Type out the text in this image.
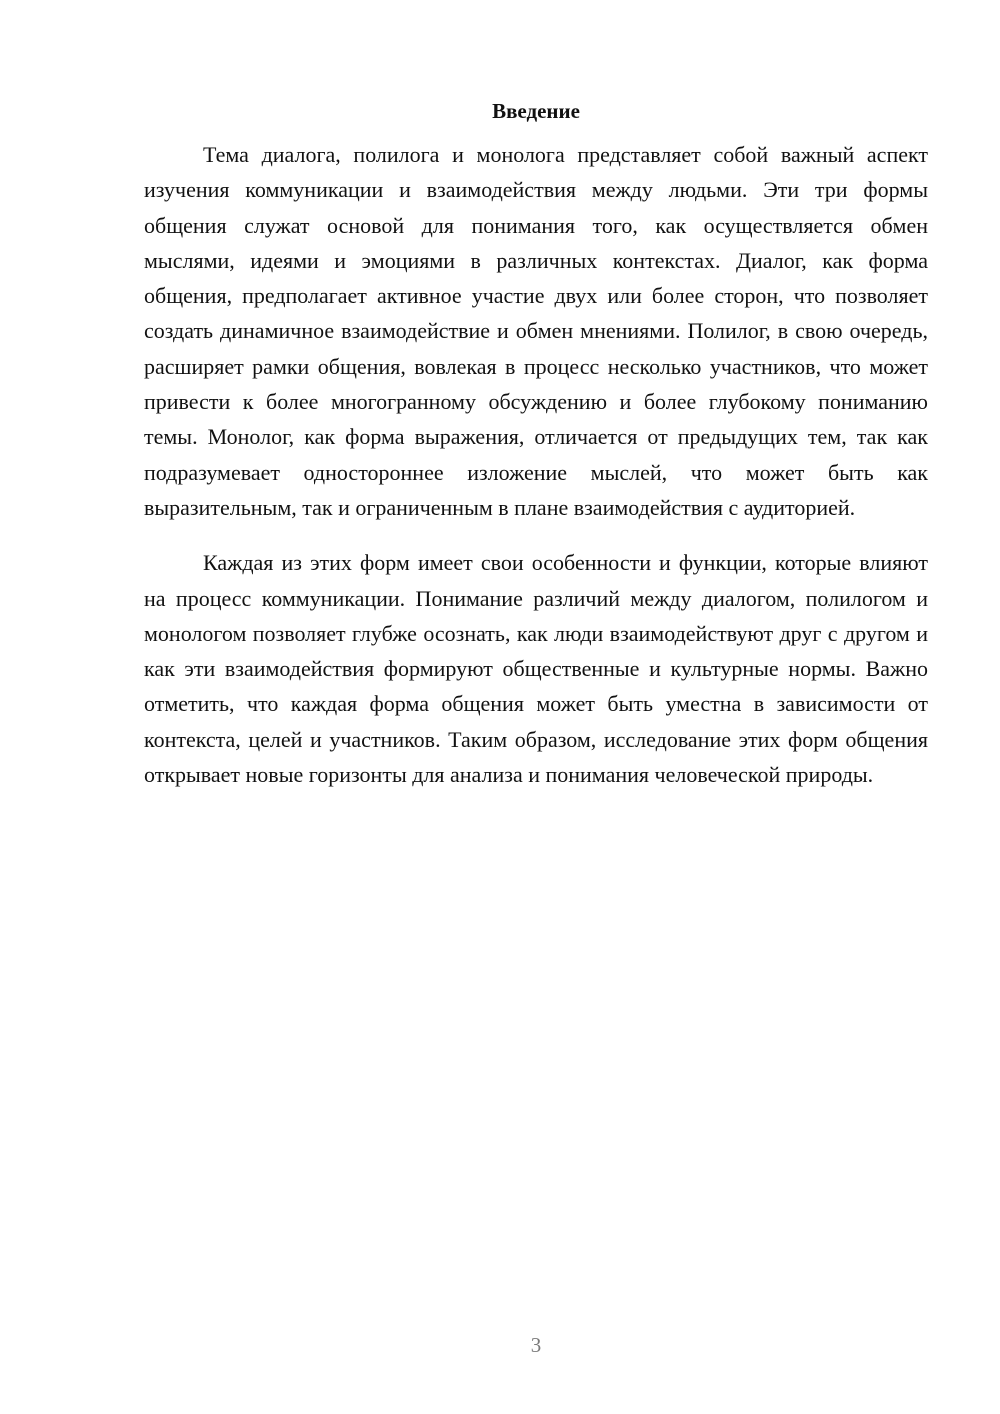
Введение

Тема диалога, полилога и монолога представляет собой важный аспект изучения коммуникации и взаимодействия между людьми. Эти три формы общения служат основой для понимания того, как осуществляется обмен мыслями, идеями и эмоциями в различных контекстах. Диалог, как форма общения, предполагает активное участие двух или более сторон, что позволяет создать динамичное взаимодействие и обмен мнениями. Полилог, в свою очередь, расширяет рамки общения, вовлекая в процесс несколько участников, что может привести к более многогранному обсуждению и более глубокому пониманию темы. Монолог, как форма выражения, отличается от предыдущих тем, так как подразумевает одностороннее изложение мыслей, что может быть как выразительным, так и ограниченным в плане взаимодействия с аудиторией.

Каждая из этих форм имеет свои особенности и функции, которые влияют на процесс коммуникации. Понимание различий между диалогом, полилогом и монологом позволяет глубже осознать, как люди взаимодействуют друг с другом и как эти взаимодействия формируют общественные и культурные нормы. Важно отметить, что каждая форма общения может быть уместна в зависимости от контекста, целей и участников. Таким образом, исследование этих форм общения открывает новые горизонты для анализа и понимания человеческой природы.

3
